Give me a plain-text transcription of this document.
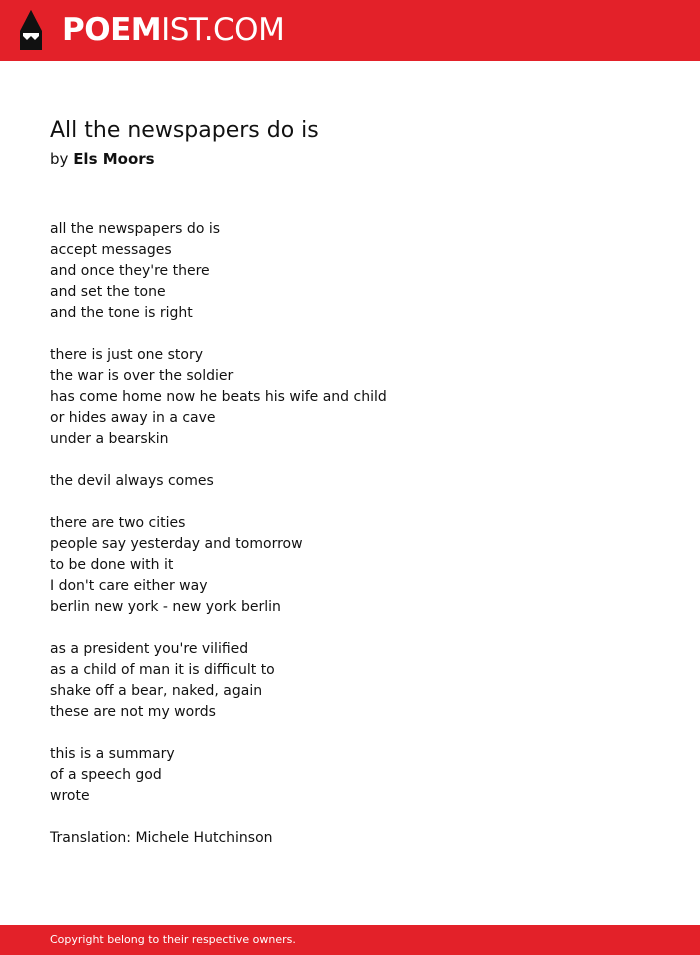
POEMIST.COM
All the newspapers do is
by Els Moors
all the newspapers do is
accept messages
and once they're there
and set the tone
and the tone is right
there is just one story
the war is over the soldier
has come home now he beats his wife and child
or hides away in a cave
under a bearskin
the devil always comes
there are two cities
people say yesterday and tomorrow
to be done with it
I don't care either way
berlin new york - new york berlin
as a president you're vilified
as a child of man it is difficult to
shake off a bear, naked, again
these are not my words
this is a summary
of a speech god
wrote
Translation: Michele Hutchinson
Copyright belong to their respective owners.
